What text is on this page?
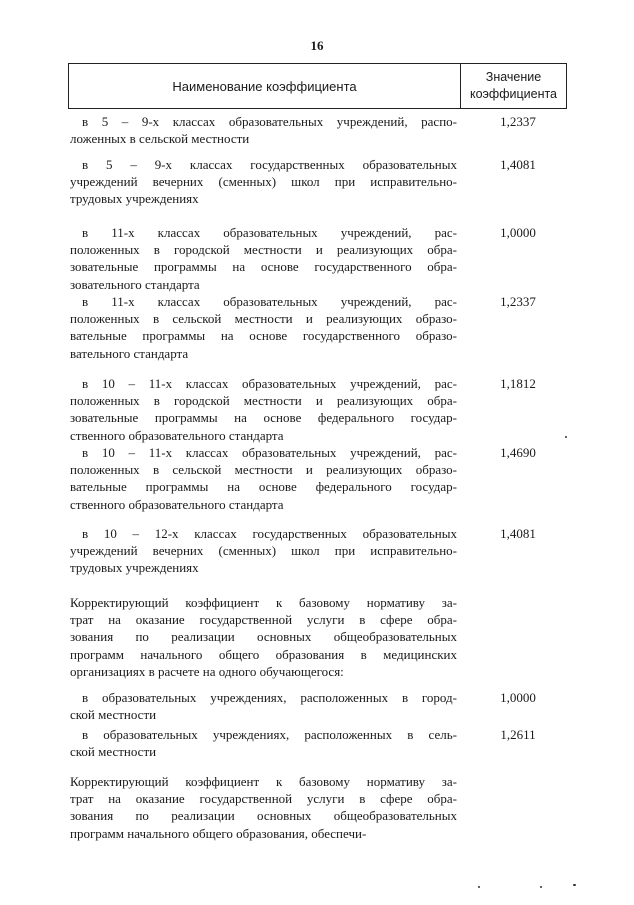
16
Наименование коэффициента
Значение
коэффициента
в 5 – 9-х классах образовательных учреждений, распо-
ложенных в сельской местности
1,2337
в 5 – 9-х классах государственных образовательных
учреждений вечерних (сменных) школ при исправительно-
трудовых учреждениях
1,4081
в 11-х классах образовательных учреждений, рас-
положенных в городской местности и реализующих обра-
зовательные программы на основе государственного обра-
зовательного стандарта
1,0000
в 11-х классах образовательных учреждений, рас-
положенных в сельской местности и реализующих образо-
вательные программы на основе государственного образо-
вательного стандарта
1,2337
в 10 – 11-х классах образовательных учреждений, рас-
положенных в городской местности и реализующих обра-
зовательные программы на основе федерального государ-
ственного образовательного стандарта
1,1812
в 10 – 11-х классах образовательных учреждений, рас-
положенных в сельской местности и реализующих образо-
вательные программы на основе федерального государ-
ственного образовательного стандарта
1,4690
в 10 – 12-х классах государственных образовательных
учреждений вечерних (сменных) школ при исправительно-
трудовых учреждениях
1,4081
Корректирующий коэффициент к базовому нормативу за-
трат на оказание государственной услуги в сфере обра-
зования по реализации основных общеобразовательных
программ начального общего образования в медицинских
организациях в расчете на одного обучающегося:
в образовательных учреждениях, расположенных в город-
ской местности
1,0000
в образовательных учреждениях, расположенных в сель-
ской местности
1,2611
Корректирующий коэффициент к базовому нормативу за-
трат на оказание государственной услуги в сфере обра-
зования по реализации основных общеобразовательных
программ начального общего образования, обеспечи-
